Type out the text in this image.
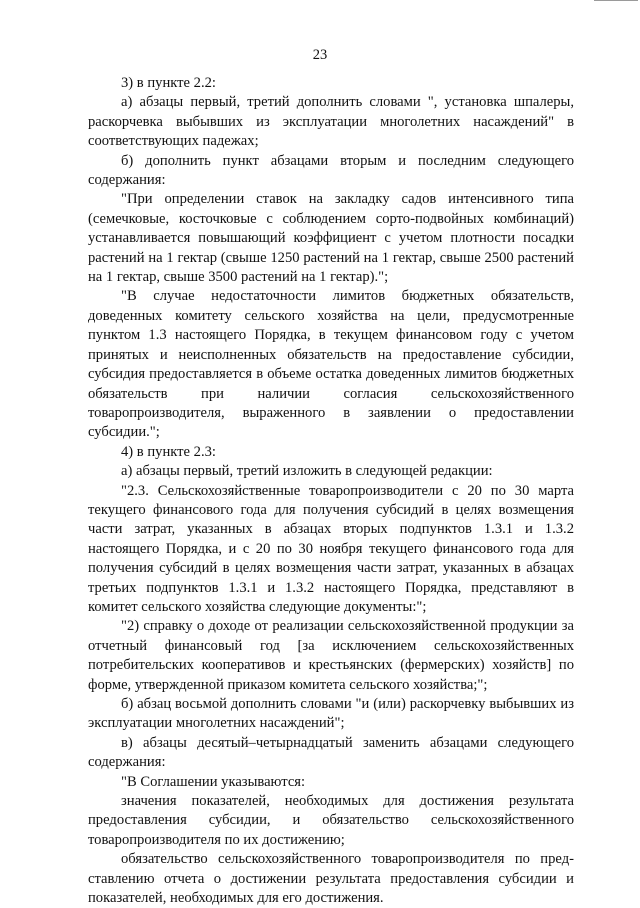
23

3) в пункте 2.2:

а) абзацы первый, третий дополнить словами ", установка шпалеры, раскорчевка выбывших из эксплуатации многолетних насаждений" в соответствующих падежах;

б) дополнить пункт абзацами вторым и последним следующего содержания:

"При определении ставок на закладку садов интенсивного типа (семечковые, косточковые с соблюдением сорто-подвойных комбинаций) устанавливается повышающий коэффициент с учетом плотности посадки растений на 1 гектар (свыше 1250 растений на 1 гектар, свыше 2500 растений на 1 гектар, свыше 3500 растений на 1 гектар).";

"В случае недостаточности лимитов бюджетных обязательств, доведенных комитету сельского хозяйства на цели, предусмотренные пунктом 1.3 настоящего Порядка, в текущем финансовом году с учетом принятых и неисполненных обязательств на предоставление субсидии, субсидия предоставляется в объеме остатка доведенных лимитов бюджетных обязательств при наличии согласия сельскохозяйственного товаропроизводителя, выраженного в заявлении о предоставлении субсидии.";

4) в пункте 2.3:

а) абзацы первый, третий изложить в следующей редакции:

"2.3. Сельскохозяйственные товаропроизводители с 20 по 30 марта текущего финансового года для получения субсидий в целях возмещения части затрат, указанных в абзацах вторых подпунктов 1.3.1 и 1.3.2 настоящего Порядка, и с 20 по 30 ноября текущего финансового года для получения субсидий в целях возмещения части затрат, указанных в абзацах третьих подпунктов 1.3.1 и 1.3.2 настоящего Порядка, представляют в комитет сельского хозяйства следующие документы:";

"2) справку о доходе от реализации сельскохозяйственной продукции за отчетный финансовый год [за исключением сельскохозяйственных потребительских кооперативов и крестьянских (фермерских) хозяйств] по форме, утвержденной приказом комитета сельского хозяйства;";

б) абзац восьмой дополнить словами "и (или) раскорчевку выбывших из эксплуатации многолетних насаждений";

в) абзацы десятый–четырнадцатый заменить абзацами следующего содержания:

"В Соглашении указываются:

значения показателей, необходимых для достижения результата предоставления субсидии, и обязательство сельскохозяйственного товаропроизводителя по их достижению;

обязательство сельскохозяйственного товаропроизводителя по пред-ставлению отчета о достижении результата предоставления субсидии и показателей, необходимых для его достижения.
